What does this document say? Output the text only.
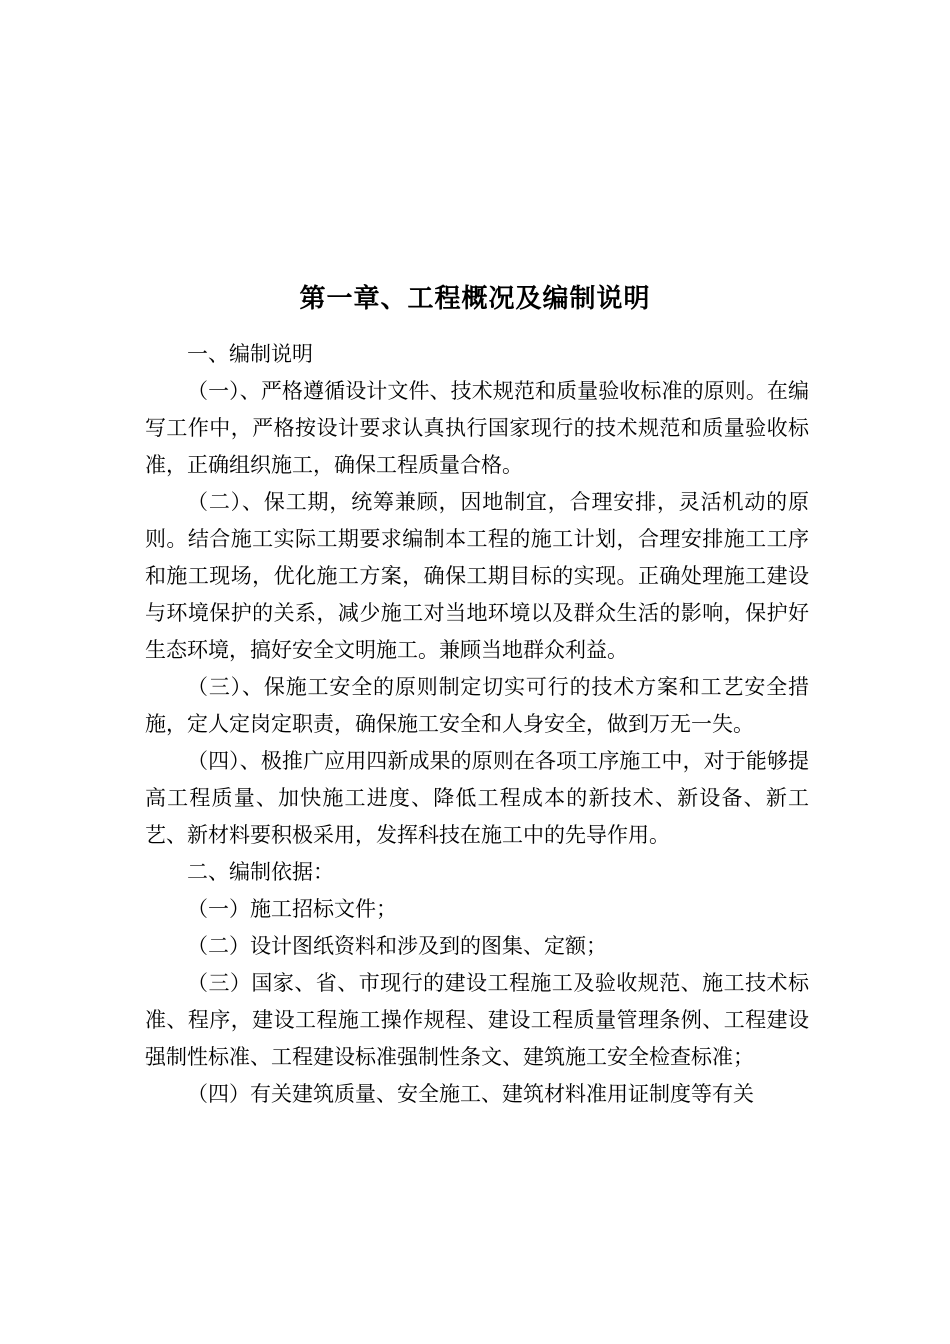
第一章、工程概况及编制说明

一、编制说明

（一）、严格遵循设计文件、技术规范和质量验收标准的原则。在编写工作中，严格按设计要求认真执行国家现行的技术规范和质量验收标准，正确组织施工，确保工程质量合格。

（二）、保工期，统筹兼顾，因地制宜，合理安排，灵活机动的原则。结合施工实际工期要求编制本工程的施工计划，合理安排施工工序和施工现场，优化施工方案，确保工期目标的实现。正确处理施工建设与环境保护的关系，减少施工对当地环境以及群众生活的影响，保护好生态环境，搞好安全文明施工。兼顾当地群众利益。

（三）、保施工安全的原则制定切实可行的技术方案和工艺安全措施，定人定岗定职责，确保施工安全和人身安全，做到万无一失。

（四）、极推广应用四新成果的原则在各项工序施工中，对于能够提高工程质量、加快施工进度、降低工程成本的新技术、新设备、新工艺、新材料要积极采用，发挥科技在施工中的先导作用。

二、编制依据：

（一）施工招标文件；

（二）设计图纸资料和涉及到的图集、定额；

（三）国家、省、市现行的建设工程施工及验收规范、施工技术标准、程序，建设工程施工操作规程、建设工程质量管理条例、工程建设强制性标准、工程建设标准强制性条文、建筑施工安全检查标准；

（四）有关建筑质量、安全施工、建筑材料准用证制度等有关
